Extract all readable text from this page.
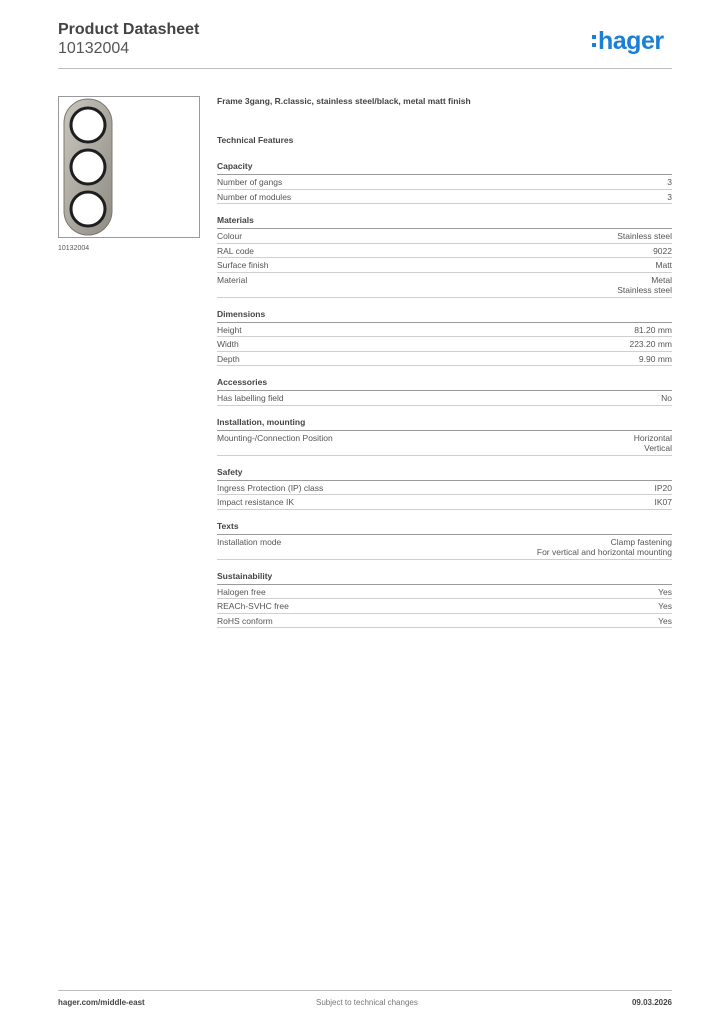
Product Datasheet
10132004	hager
10132004
Frame 3gang, R.classic, stainless steel/black, metal matt finish
Technical Features
Capacity
Number of gangs	3
Number of modules	3
Materials
Colour	Stainless steel
RAL code	9022
Surface finish	Matt
Material	Metal
Stainless steel
Dimensions
Height	81.20 mm
Width	223.20 mm
Depth	9.90 mm
Accessories
Has labelling field	No
Installation, mounting
Mounting-/Connection Position	Horizontal
Vertical
Safety
Ingress Protection (IP) class	IP20
Impact resistance IK	IK07
Texts
Installation mode	Clamp fastening
For vertical and horizontal mounting
Sustainability
Halogen free	Yes
REACh-SVHC free	Yes
RoHS conform	Yes
hager.com/middle-east	Subject to technical changes	09.03.2026
